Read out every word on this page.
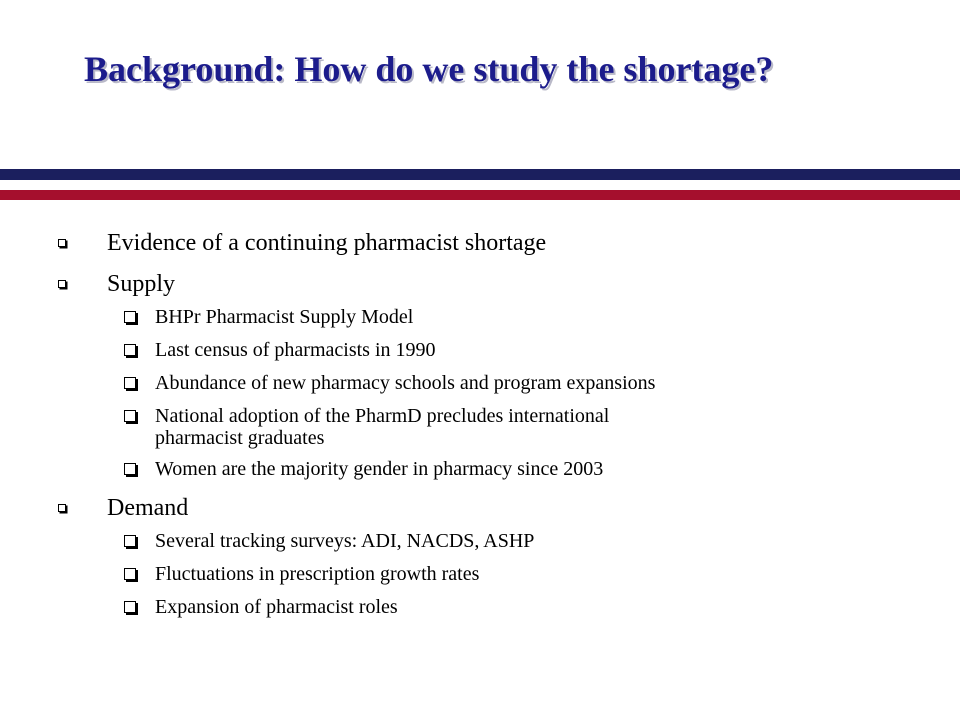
Background: How do we study the shortage?
Evidence of a continuing pharmacist shortage
Supply
BHPr Pharmacist Supply Model
Last census of pharmacists in 1990
Abundance of new pharmacy schools and program expansions
National adoption of the PharmD precludes international
pharmacist graduates
Women are the majority gender in pharmacy since 2003
Demand
Several tracking surveys: ADI, NACDS, ASHP
Fluctuations in prescription growth rates
Expansion of pharmacist roles
